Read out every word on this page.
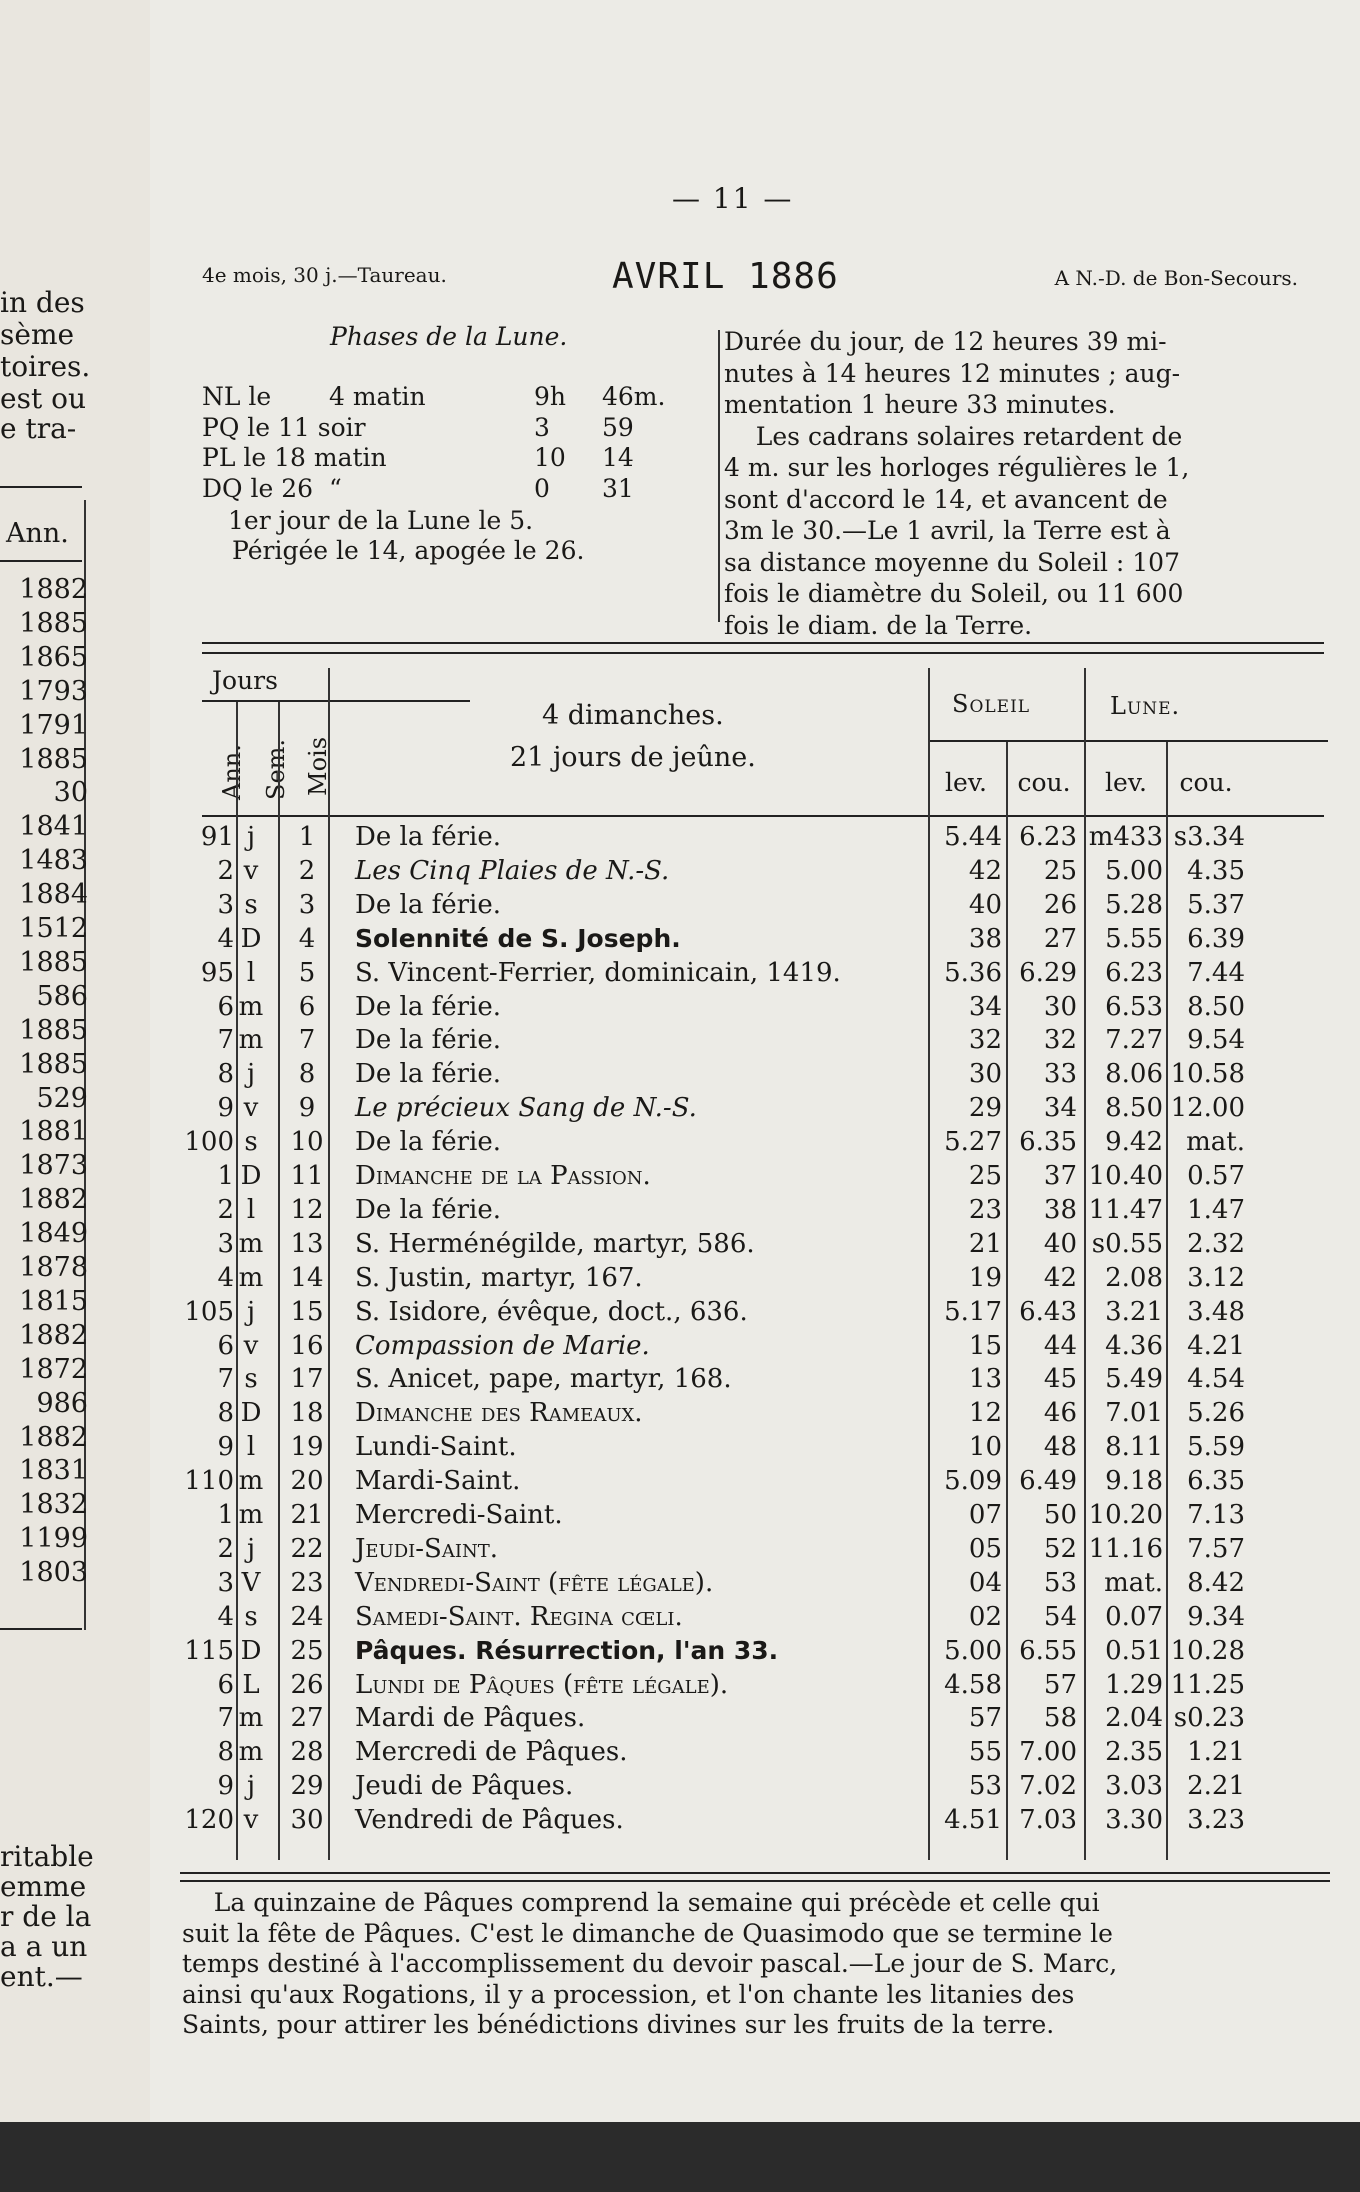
in des
sème
toires.
est ou
e tra-
Ann.
1882
1885
1865
1793
1791
1885
30
1841
1483
1884
1512
1885
586
1885
1885
529
1881
1873
1882
1849
1878
1815
1882
1872
986
1882
1831
1832
1199
1803
ritable
emme
r de la
a a un
ent.—
— 11 —
4e mois, 30 j.—Taureau.	AVRIL 1886	A N.-D. de Bon-Secours.
Phases de la Lune.
NL le 4 matin	9h 46m.
PQ le 11 soir	3 59
PL le 18 matin	10 14
DQ le 26 “	0 31
1er jour de la Lune le 5.
Périgée le 14, apogée le 26.
Durée du jour, de 12 heures 39 mi-
nutes à 14 heures 12 minutes ; aug-
mentation 1 heure 33 minutes.
Les cadrans solaires retardent de
4 m. sur les horloges régulières le 1,
sont d'accord le 14, et avancent de
3m le 30.—Le 1 avril, la Terre est à
sa distance moyenne du Soleil : 107
fois le diamètre du Soleil, ou 11 600
fois le diam. de la Terre.
Jours
Ann. Sem. Mois
4 dimanches.
21 jours de jeûne.
Soleil	Lune.
lev.	cou.	lev.	cou.
91 j	1	De la férie.	5.44 6.23 m433 s3.34
2 v	2	Les Cinq Plaies de N.-S.	42	25	5.00 4.35
3 s	3	De la férie.	40	26	5.28 5.37
4 D	4	Solennité de S. Joseph.	38	27	5.55 6.39
95 l	5	S. Vincent-Ferrier, dominicain, 1419.	5.36 6.29	6.23 7.44
6 m	6	De la férie.	34	30	6.53 8.50
7 m	7	De la férie.	32	32	7.27 9.54
8 j	8	De la férie.	30	33	8.06 10.58
9 v	9	Le précieux Sang de N.-S.	29	34	8.50 12.00
100 s	10 De la férie.	5.27 6.35	9.42 mat.
1 D	11 Dimanche de la Passion.	25	37 10.40 0.57
2 l	12 De la férie.	23	38 11.47 1.47
3 m	13 S. Herménégilde, martyr, 586.	21	40 s0.55 2.32
4 m	14 S. Justin, martyr, 167.	19	42	2.08 3.12
105 j	15 S. Isidore, évêque, doct., 636.	5.17 6.43	3.21 3.48
6 v	16 Compassion de Marie.	15	44	4.36 4.21
7 s	17 S. Anicet, pape, martyr, 168.	13	45	5.49 4.54
8 D	18 Dimanche des Rameaux.	12	46	7.01 5.26
9 l	19 Lundi-Saint.	10	48	8.11 5.59
110 m	20 Mardi-Saint.	5.09 6.49	9.18 6.35
1 m	21 Mercredi-Saint.	07	50 10.20 7.13
2 j	22 Jeudi-Saint.	05	52 11.16 7.57
3 V	23 Vendredi-Saint (fête légale).	04	53	mat. 8.42
4 s	24 Samedi-Saint. Regina cœli.	02	54	0.07 9.34
115 D	25 Pâques. Résurrection, l'an 33.	5.00 6.55	0.51 10.28
6 L	26 Lundi de Pâques (fête légale).	4.58	57	1.29 11.25
7 m	27 Mardi de Pâques.	57	58	2.04 s0.23
8 m	28 Mercredi de Pâques.	55 7.00	2.35 1.21
9 j	29 Jeudi de Pâques.	53 7.02	3.03 2.21
120 v	30 Vendredi de Pâques.	4.51 7.03	3.30 3.23
La quinzaine de Pâques comprend la semaine qui précède et celle qui
suit la fête de Pâques. C'est le dimanche de Quasimodo que se termine le
temps destiné à l'accomplissement du devoir pascal.—Le jour de S. Marc,
ainsi qu'aux Rogations, il y a procession, et l'on chante les litanies des
Saints, pour attirer les bénédictions divines sur les fruits de la terre.
